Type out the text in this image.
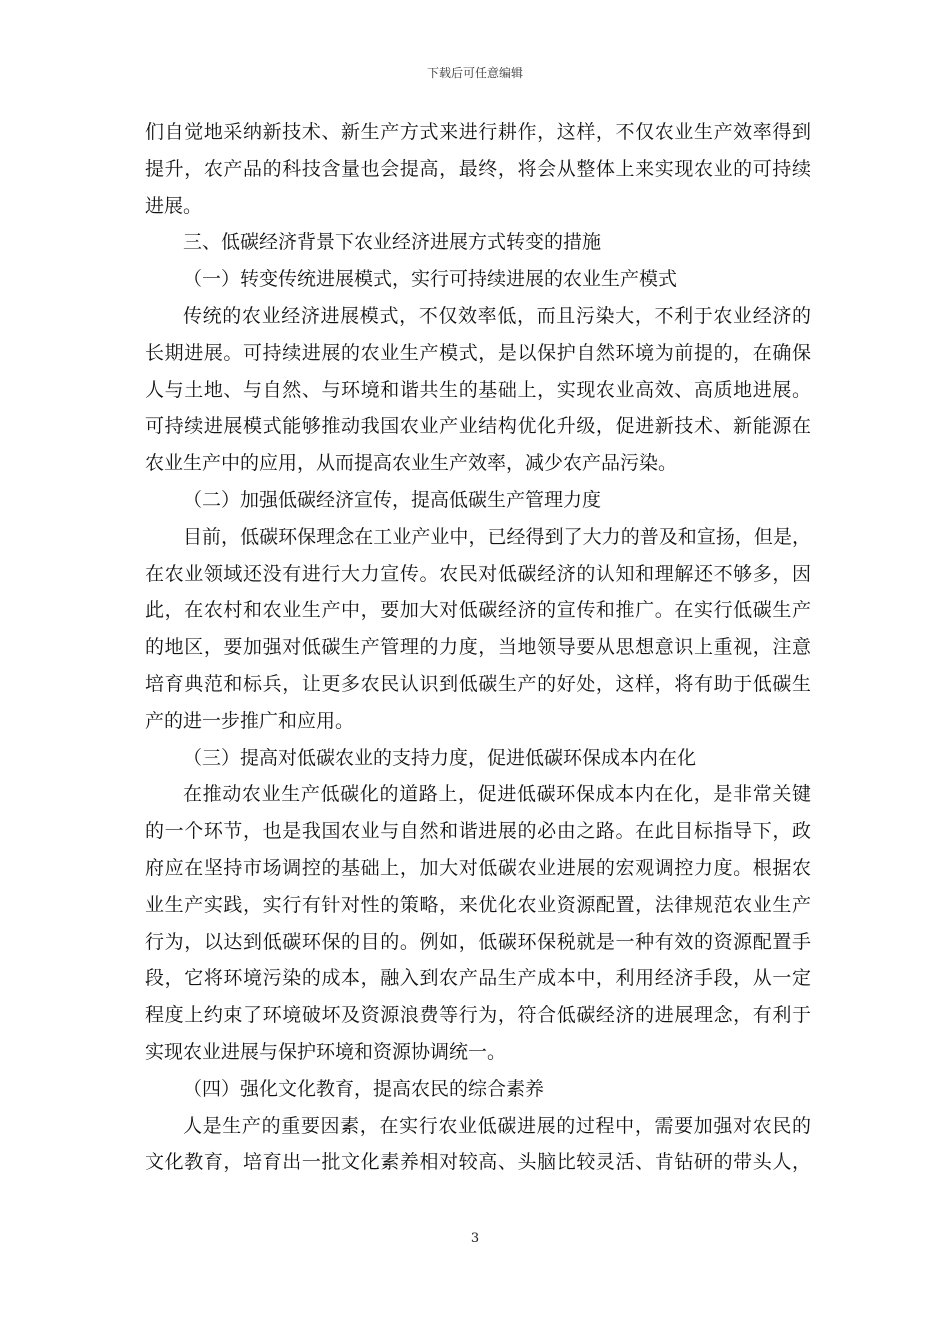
下载后可任意编辑
们自觉地采纳新技术、新生产方式来进行耕作，这样，不仅农业生产效率得到
提升，农产品的科技含量也会提高，最终，将会从整体上来实现农业的可持续
进展。
三、低碳经济背景下农业经济进展方式转变的措施
（一）转变传统进展模式，实行可持续进展的农业生产模式
传统的农业经济进展模式，不仅效率低，而且污染大，不利于农业经济的
长期进展。可持续进展的农业生产模式，是以保护自然环境为前提的，在确保
人与土地、与自然、与环境和谐共生的基础上，实现农业高效、高质地进展。
可持续进展模式能够推动我国农业产业结构优化升级，促进新技术、新能源在
农业生产中的应用，从而提高农业生产效率，减少农产品污染。
（二）加强低碳经济宣传，提高低碳生产管理力度
目前，低碳环保理念在工业产业中，已经得到了大力的普及和宣扬，但是，
在农业领域还没有进行大力宣传。农民对低碳经济的认知和理解还不够多，因
此，在农村和农业生产中，要加大对低碳经济的宣传和推广。在实行低碳生产
的地区，要加强对低碳生产管理的力度，当地领导要从思想意识上重视，注意
培育典范和标兵，让更多农民认识到低碳生产的好处，这样，将有助于低碳生
产的进一步推广和应用。
（三）提高对低碳农业的支持力度，促进低碳环保成本内在化
在推动农业生产低碳化的道路上，促进低碳环保成本内在化，是非常关键
的一个环节，也是我国农业与自然和谐进展的必由之路。在此目标指导下，政
府应在坚持市场调控的基础上，加大对低碳农业进展的宏观调控力度。根据农
业生产实践，实行有针对性的策略，来优化农业资源配置，法律规范农业生产
行为，以达到低碳环保的目的。例如，低碳环保税就是一种有效的资源配置手
段，它将环境污染的成本，融入到农产品生产成本中，利用经济手段，从一定
程度上约束了环境破坏及资源浪费等行为，符合低碳经济的进展理念，有利于
实现农业进展与保护环境和资源协调统一。
（四）强化文化教育，提高农民的综合素养
人是生产的重要因素，在实行农业低碳进展的过程中，需要加强对农民的
文化教育，培育出一批文化素养相对较高、头脑比较灵活、肯钻研的带头人，
3
